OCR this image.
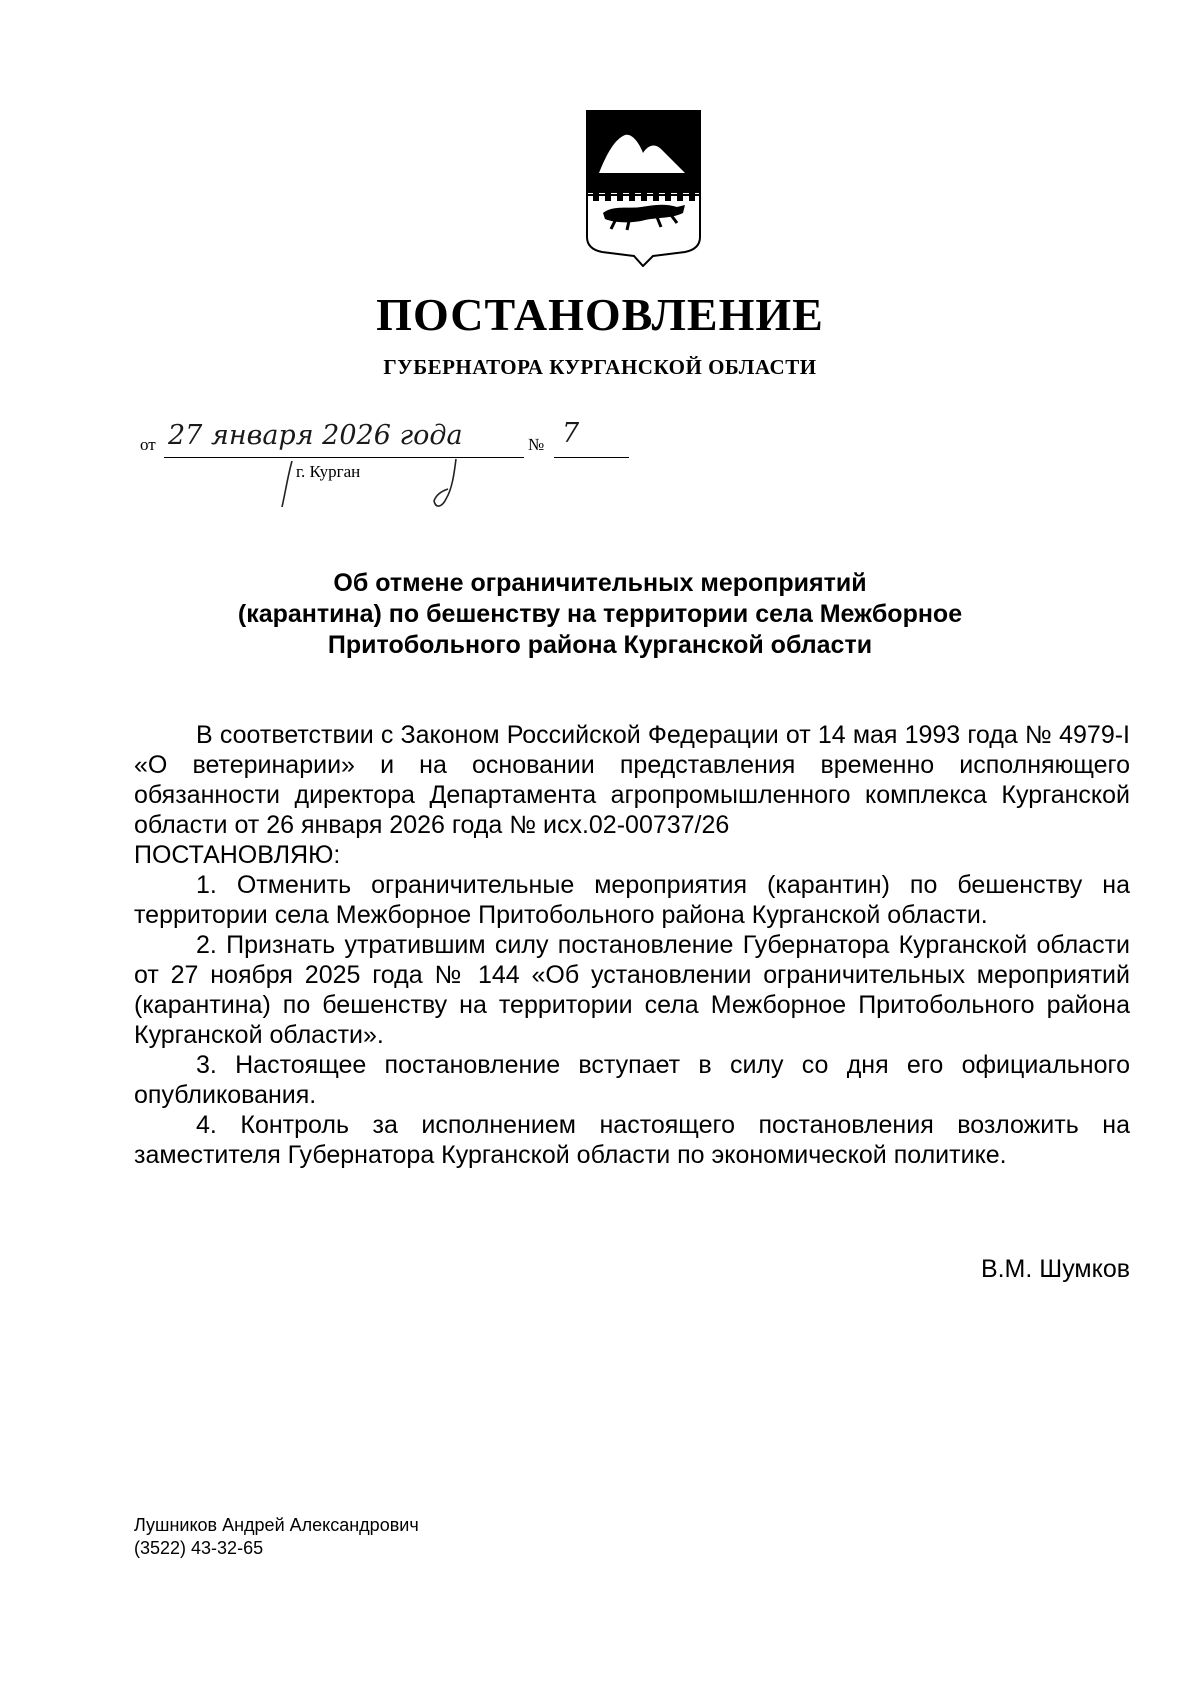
ПОСТАНОВЛЕНИЕ
ГУБЕРНАТОРА КУРГАНСКОЙ ОБЛАСТИ
от 27 января 2026 года	№ 7
г. Курган
Об отмене ограничительных мероприятий
(карантина) по бешенству на территории села Межборное
Притобольного района Курганской области

В соответствии с Законом Российской Федерации от 14 мая 1993 года № 4979-I «О ветеринарии» и на основании представления временно исполняющего обязанности директора Департамента агропромышленного комплекса Курганской области от 26 января 2026 года № исх.02-00737/26

ПОСТАНОВЛЯЮ:

1. Отменить ограничительные мероприятия (карантин) по бешенству на территории села Межборное Притобольного района Курганской области.

2. Признать утратившим силу постановление Губернатора Курганской области от 27 ноября 2025 года № 144 «Об установлении ограничительных мероприятий (карантина) по бешенству на территории села Межборное Притобольного района Курганской области».

3. Настоящее постановление вступает в силу со дня его официального опубликования.

4. Контроль за исполнением настоящего постановления возложить на заместителя Губернатора Курганской области по экономической политике.

В.М. Шумков
Лушников Андрей Александрович
(3522) 43-32-65
